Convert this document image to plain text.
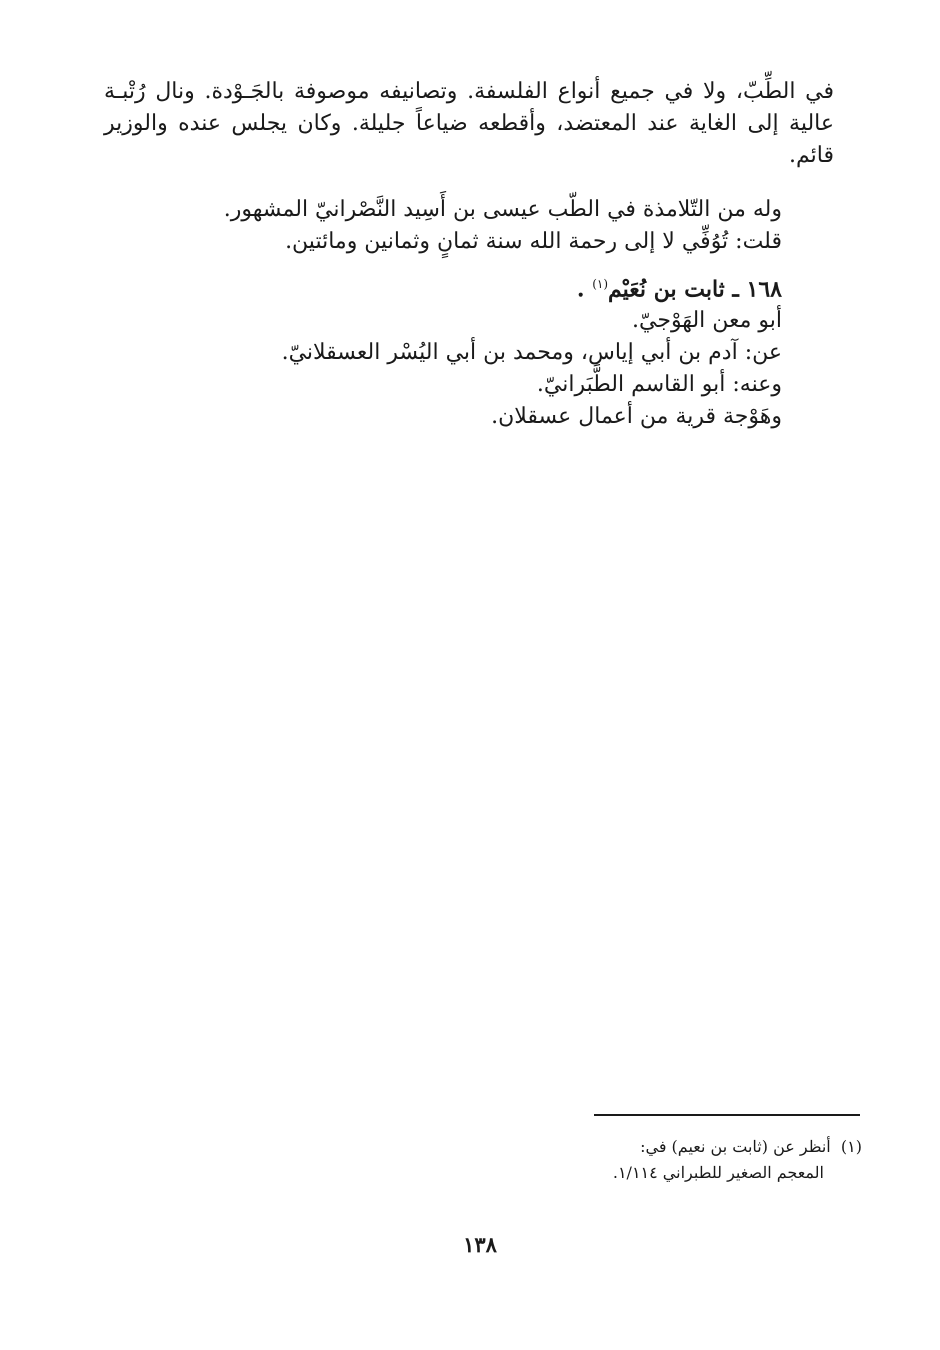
في الطِّبّ، ولا في جميع أنواع الفلسفة. وتصانيفه موصوفة بالجَـوْدة. ونال رُتْبـة
عالية إلى الغاية عند المعتضد، وأقطعه ضياعاً جليلة. وكان يجلس عنده والوزير
قائم.
وله من التّلامذة في الطّب عيسى بن أَسِيد النَّصْرانيّ المشهور.
قلت: تُوُفِّي لا إلى رحمة الله سنة ثمانٍ وثمانين ومائتين.
١٦٨ ـ ثابت بن نُعَيْم$^{(١)}$ .
أبو معن الهَوْجيّ.
عن: آدم بن أبي إياس، ومحمد بن أبي اليُسْر العسقلانيّ.
وعنه: أبو القاسم الطَّبَرانيّ.
وهَوْجة قرية من أعمال عسقلان.
(١)  أنظر عن (ثابت بن نعيم) في:
المعجم الصغير للطبراني ١/١١٤.
١٣٨
